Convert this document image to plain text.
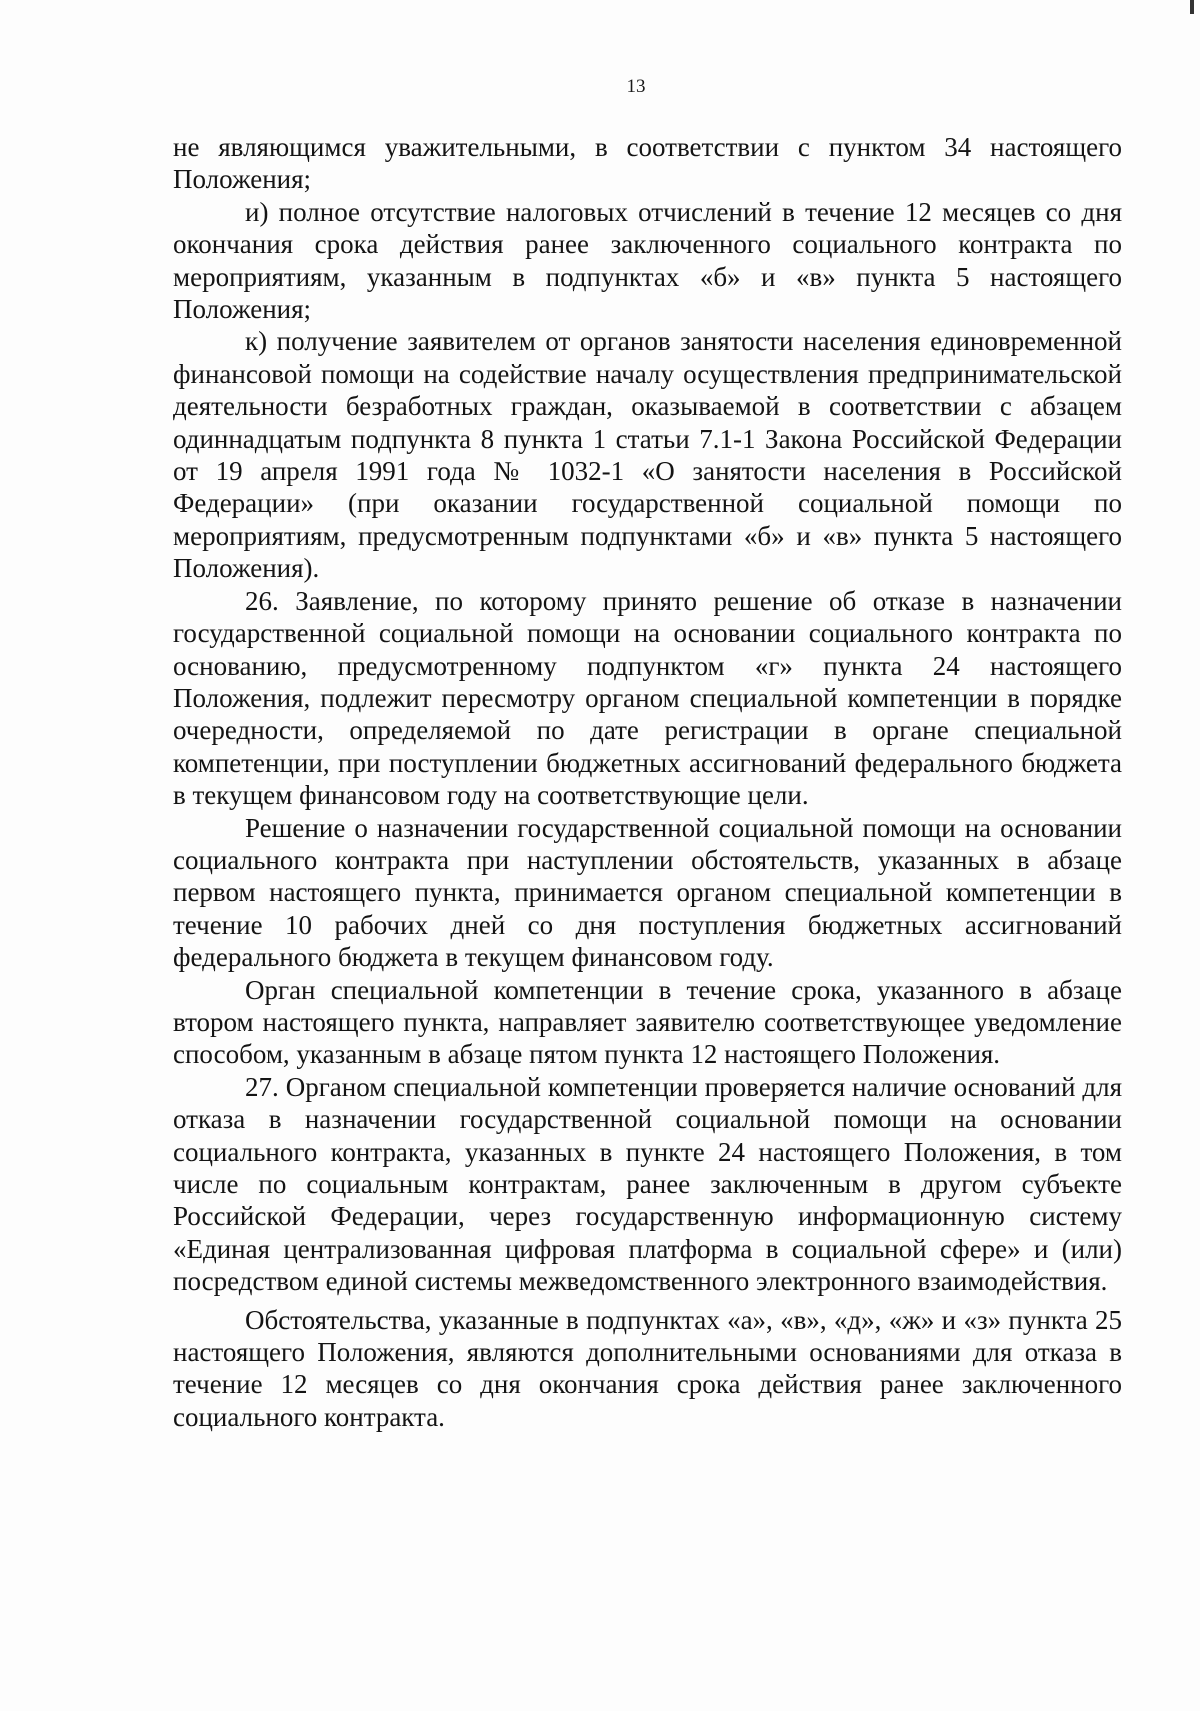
13

не являющимся уважительными, в соответствии с пунктом 34 настоящего Положения;

и) полное отсутствие налоговых отчислений в течение 12 месяцев со дня окончания срока действия ранее заключенного социального контракта по мероприятиям, указанным в подпунктах «б» и «в» пункта 5 настоящего Положения;

к) получение заявителем от органов занятости населения единовременной финансовой помощи на содействие началу осуществления предпринимательской деятельности безработных граждан, оказываемой в соответствии с абзацем одиннадцатым подпункта 8 пункта 1 статьи 7.1-1 Закона Российской Федерации от 19 апреля 1991 года № 1032-1 «О занятости населения в Российской Федерации» (при оказании государственной социальной помощи по мероприятиям, предусмотренным подпунктами «б» и «в» пункта 5 настоящего Положения).

26. Заявление, по которому принято решение об отказе в назначении государственной социальной помощи на основании социального контракта по основанию, предусмотренному подпунктом «г» пункта 24 настоящего Положения, подлежит пересмотру органом специальной компетенции в порядке очередности, определяемой по дате регистрации в органе специальной компетенции, при поступлении бюджетных ассигнований федерального бюджета в текущем финансовом году на соответствующие цели.

Решение о назначении государственной социальной помощи на основании социального контракта при наступлении обстоятельств, указанных в абзаце первом настоящего пункта, принимается органом специальной компетенции в течение 10 рабочих дней со дня поступления бюджетных ассигнований федерального бюджета в текущем финансовом году.

Орган специальной компетенции в течение срока, указанного в абзаце втором настоящего пункта, направляет заявителю соответствующее уведомление способом, указанным в абзаце пятом пункта 12 настоящего Положения.

27. Органом специальной компетенции проверяется наличие оснований для отказа в назначении государственной социальной помощи на основании социального контракта, указанных в пункте 24 настоящего Положения, в том числе по социальным контрактам, ранее заключенным в другом субъекте Российской Федерации, через государственную информационную систему «Единая централизованная цифровая платформа в социальной сфере» и (или) посредством единой системы межведомственного электронного взаимодействия.

Обстоятельства, указанные в подпунктах «а», «в», «д», «ж» и «з» пункта 25 настоящего Положения, являются дополнительными основаниями для отказа в течение 12 месяцев со дня окончания срока действия ранее заключенного социального контракта.
